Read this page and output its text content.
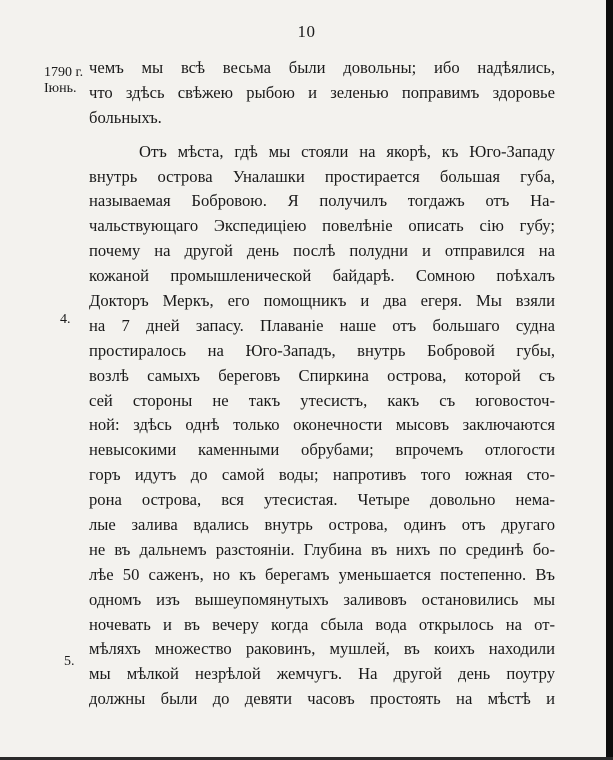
10
1790 г.
Іюнь.
4.
5.
чемъ мы всѣ весьма были довольны; ибо надѣялись,
что здѣсь свѣжею рыбою и зеленью поправимъ здоровье
больныхъ.
Отъ мѣста, гдѣ мы стояли на якорѣ, къ Юго-Западу
внутрь острова Уналашки простирается большая губа,
называемая Бобровою. Я получилъ тогдажъ отъ На-
чальствующаго Экспедиціею повелѣніе описать сію губу;
почему на другой день послѣ полудни и отправился на
кожаной промышленической байдарѣ. Сомною поѣхалъ
Докторъ Меркъ, его помощникъ и два егеря. Мы взяли
на 7 дней запасу. Плаваніе наше отъ большаго судна
простиралось на Юго-Западъ, внутрь Бобровой губы,
возлѣ самыхъ береговъ Спиркина острова, которой съ
сей стороны не такъ утесистъ, какъ съ юговосточ-
ной: здѣсь однѣ только оконечности мысовъ заключаются
невысокими каменными обрубами; впрочемъ отлогости
горъ идутъ до самой воды; напротивъ того южная сто-
рона острова, вся утесистая. Четыре довольно нема-
лые залива вдались внутрь острова, одинъ отъ другаго
не въ дальнемъ разстояніи. Глубина въ нихъ по срединѣ бо-
лѣе 50 саженъ, но къ берегамъ уменьшается постепенно. Въ
одномъ изъ вышеупомянутыхъ заливовъ остановились мы
ночевать и въ вечеру когда сбыла вода открылось на от-
мѣляхъ множество раковинъ, мушлей, въ коихъ находили
мы мѣлкой незрѣлой жемчугъ. На другой день поутру
должны были до девяти часовъ простоять на мѣстѣ и
